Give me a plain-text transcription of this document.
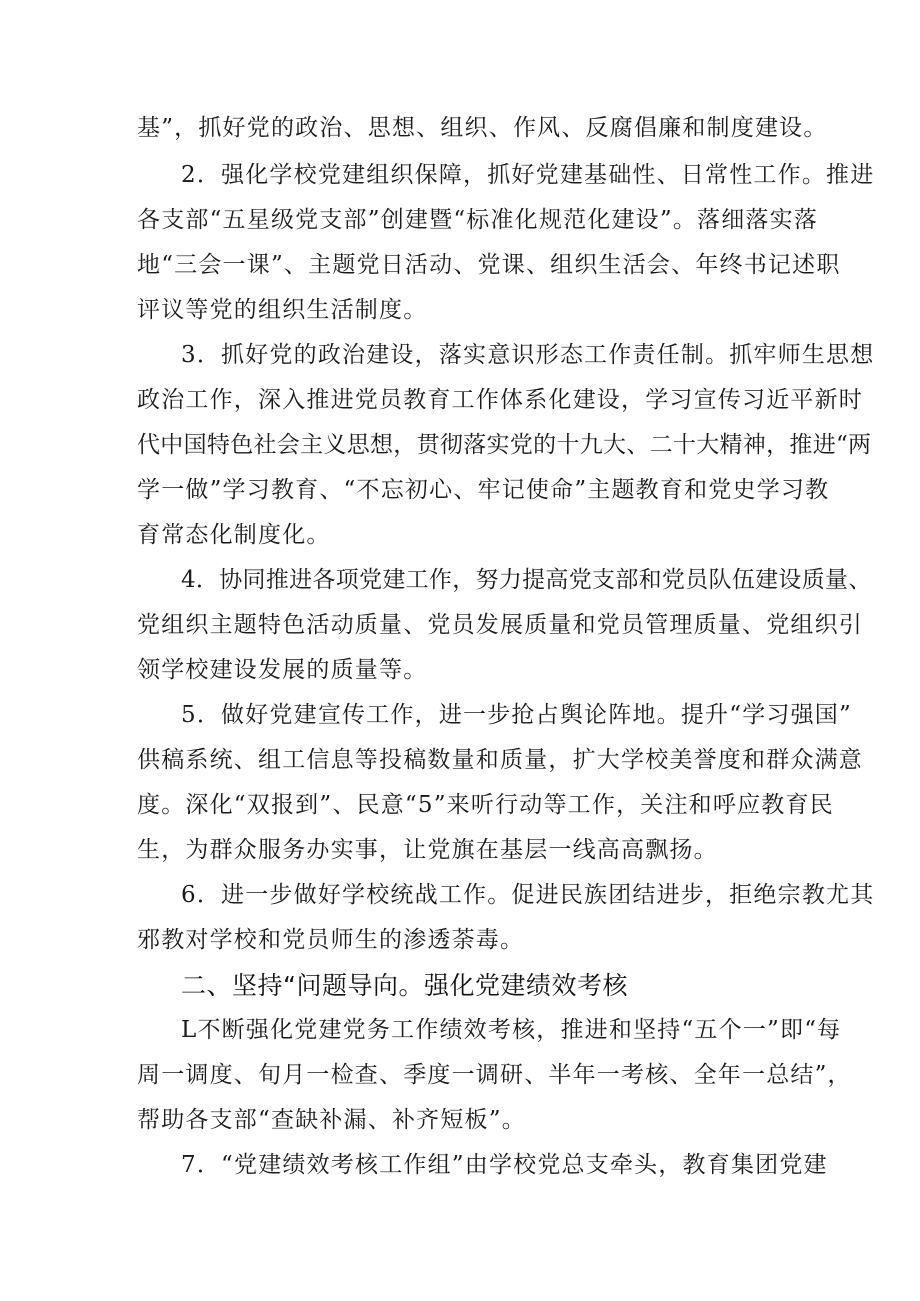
基”，抓好党的政治、思想、组织、作风、反腐倡廉和制度建设。
2．强化学校党建组织保障，抓好党建基础性、日常性工作。推进
各支部“五星级党支部”创建暨“标准化规范化建设”。落细落实落
地“三会一课”、主题党日活动、党课、组织生活会、年终书记述职
评议等党的组织生活制度。
3．抓好党的政治建设，落实意识形态工作责任制。抓牢师生思想
政治工作，深入推进党员教育工作体系化建设，学习宣传习近平新时
代中国特色社会主义思想，贯彻落实党的十九大、二十大精神，推进“两
学一做”学习教育、“不忘初心、牢记使命”主题教育和党史学习教
育常态化制度化。
4．协同推进各项党建工作，努力提高党支部和党员队伍建设质量、
党组织主题特色活动质量、党员发展质量和党员管理质量、党组织引
领学校建设发展的质量等。
5．做好党建宣传工作，进一步抢占舆论阵地。提升“学习强国”
供稿系统、组工信息等投稿数量和质量，扩大学校美誉度和群众满意
度。深化“双报到”、民意“5”来听行动等工作，关注和呼应教育民
生，为群众服务办实事，让党旗在基层一线高高飘扬。
6．进一步做好学校统战工作。促进民族团结进步，拒绝宗教尤其
邪教对学校和党员师生的渗透荼毒。
二、坚持“问题导向。强化党建绩效考核
L不断强化党建党务工作绩效考核，推进和坚持“五个一”即“每
周一调度、旬月一检查、季度一调研、半年一考核、全年一总结”，
帮助各支部“查缺补漏、补齐短板”。
7．“党建绩效考核工作组”由学校党总支牵头，教育集团党建
